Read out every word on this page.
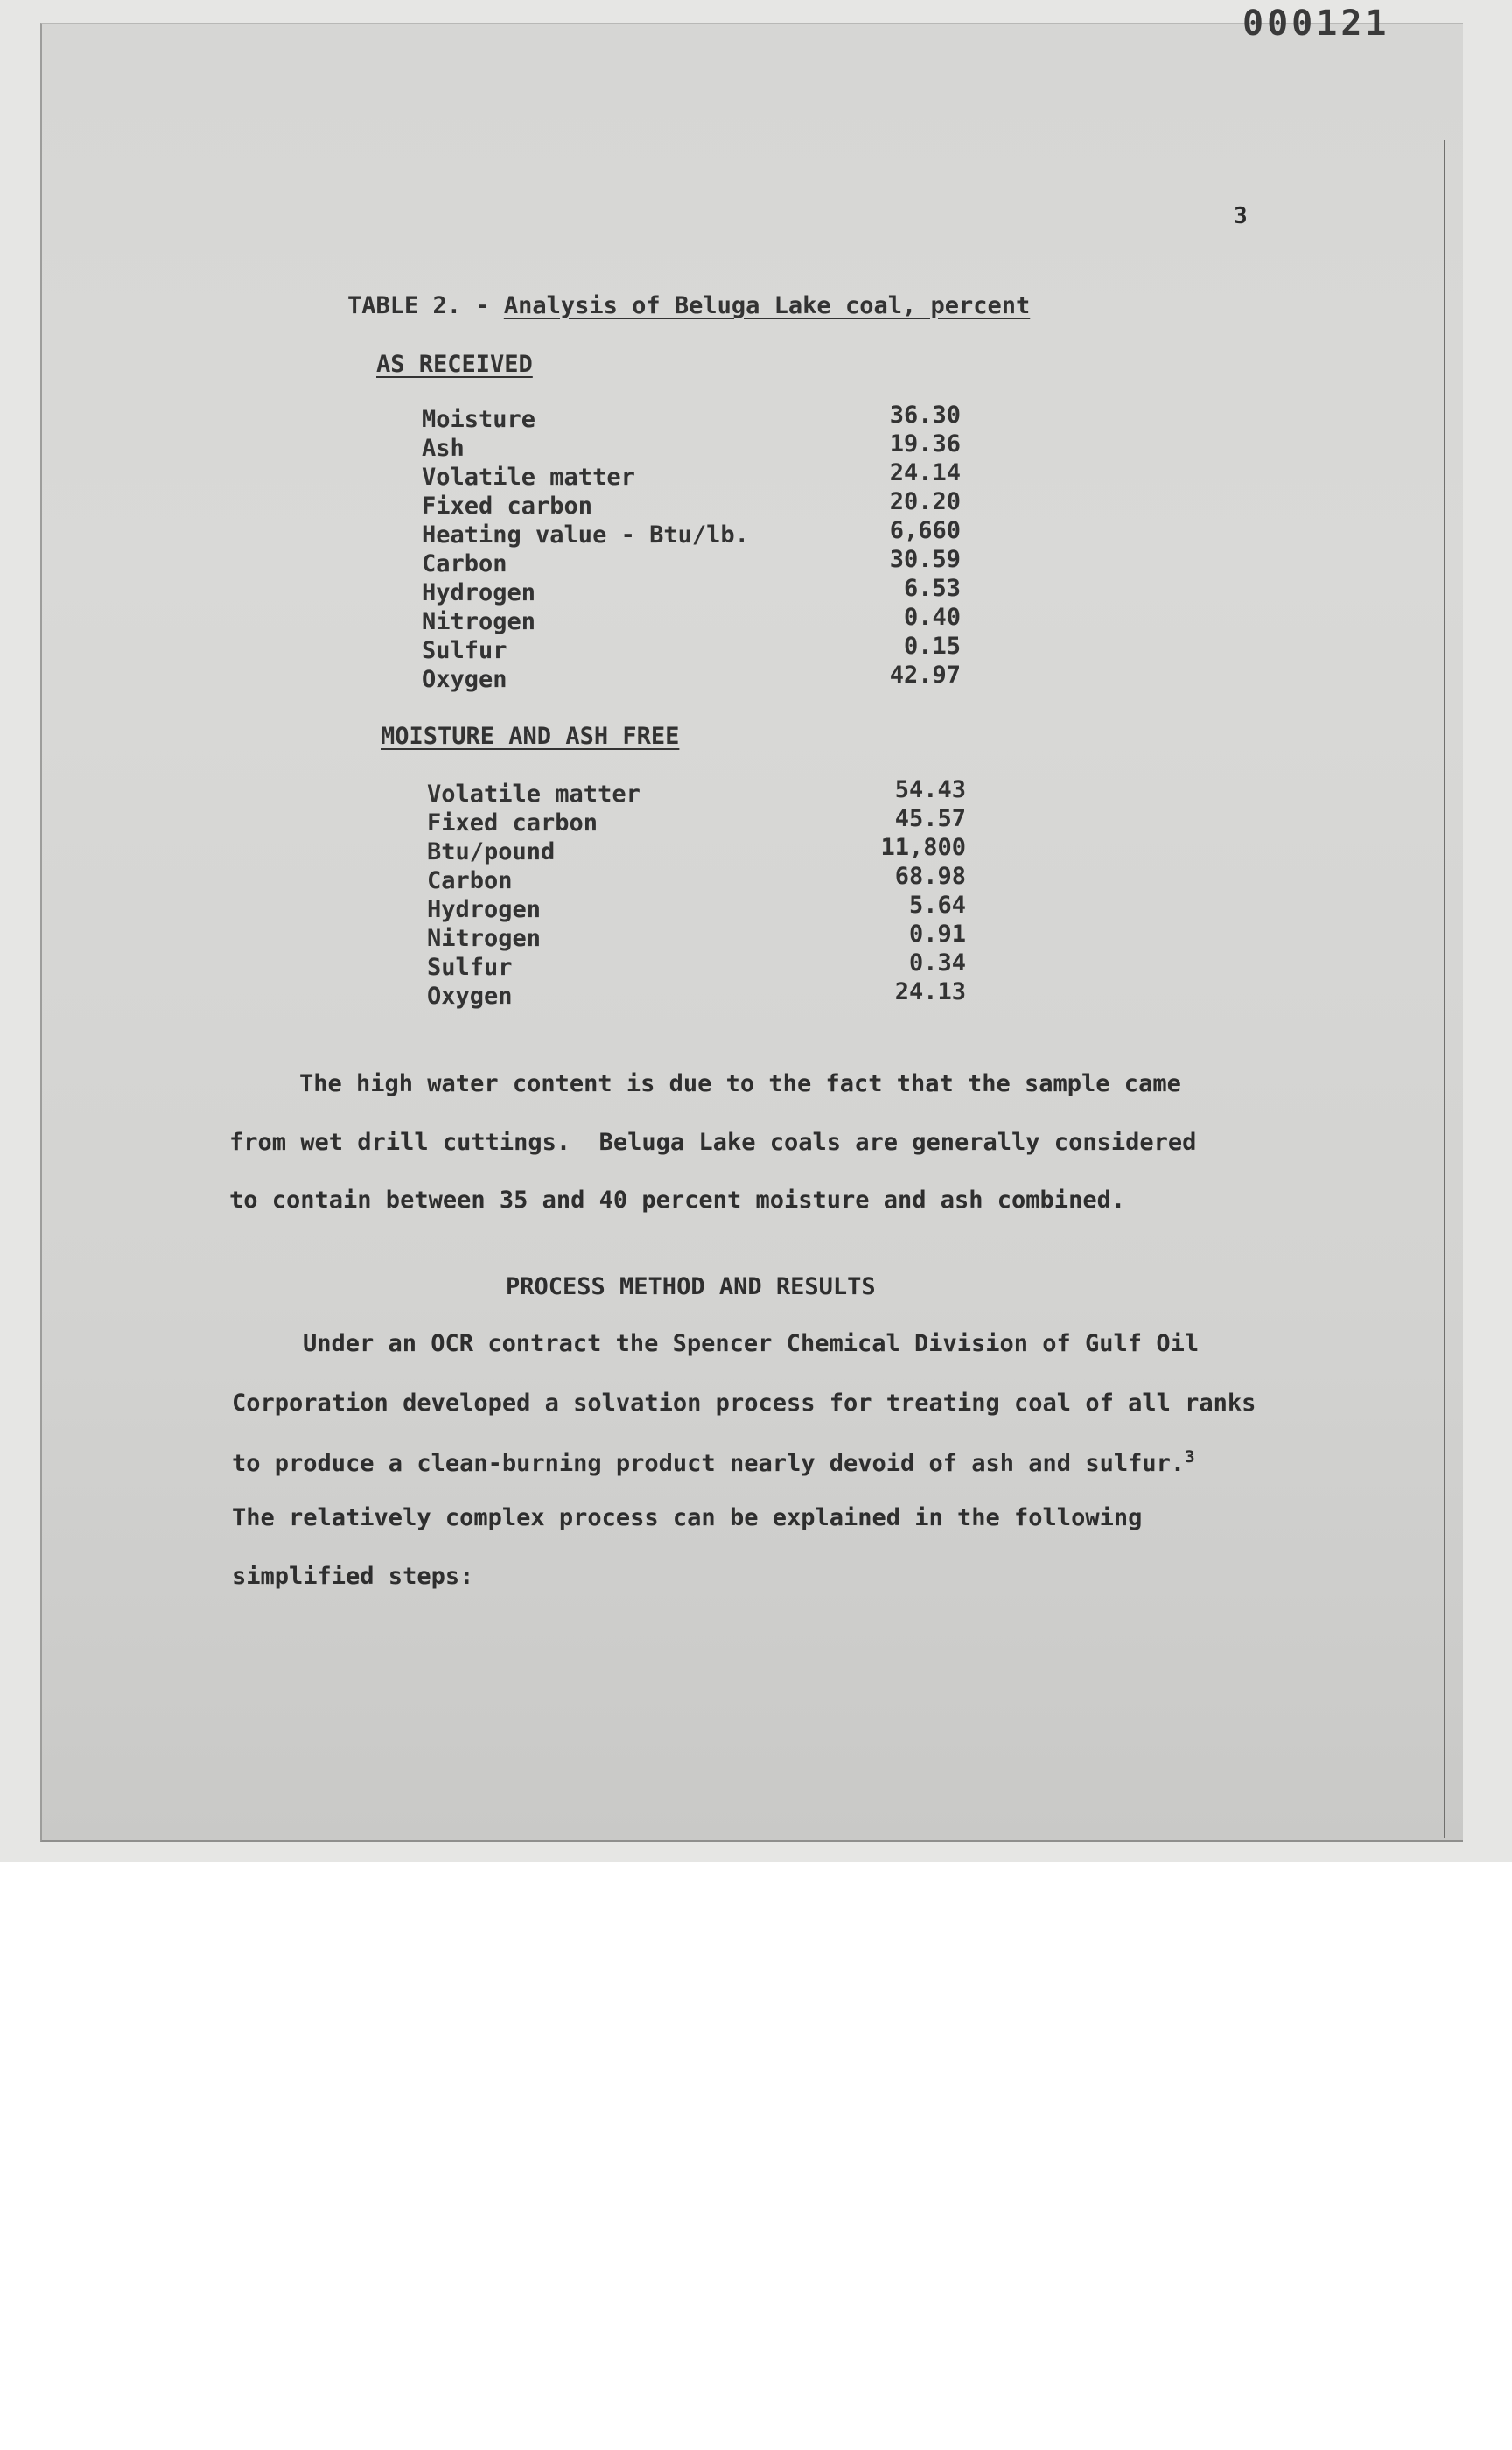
000121
3
TABLE 2. - Analysis of Beluga Lake coal, percent
AS RECEIVED
Moisture	36.30
Ash	19.36
Volatile matter	24.14
Fixed carbon	20.20
Heating value - Btu/lb.	6,660
Carbon	30.59
Hydrogen	6.53
Nitrogen	0.40
Sulfur	0.15
Oxygen	42.97
MOISTURE AND ASH FREE
Volatile matter	54.43
Fixed carbon	45.57
Btu/pound	11,800
Carbon	68.98
Hydrogen	5.64
Nitrogen	0.91
Sulfur	0.34
Oxygen	24.13
The high water content is due to the fact that the sample came
from wet drill cuttings.  Beluga Lake coals are generally considered
to contain between 35 and 40 percent moisture and ash combined.
PROCESS METHOD AND RESULTS
Under an OCR contract the Spencer Chemical Division of Gulf Oil
Corporation developed a solvation process for treating coal of all ranks
to produce a clean-burning product nearly devoid of ash and sulfur.$^3$
The relatively complex process can be explained in the following
simplified steps:
